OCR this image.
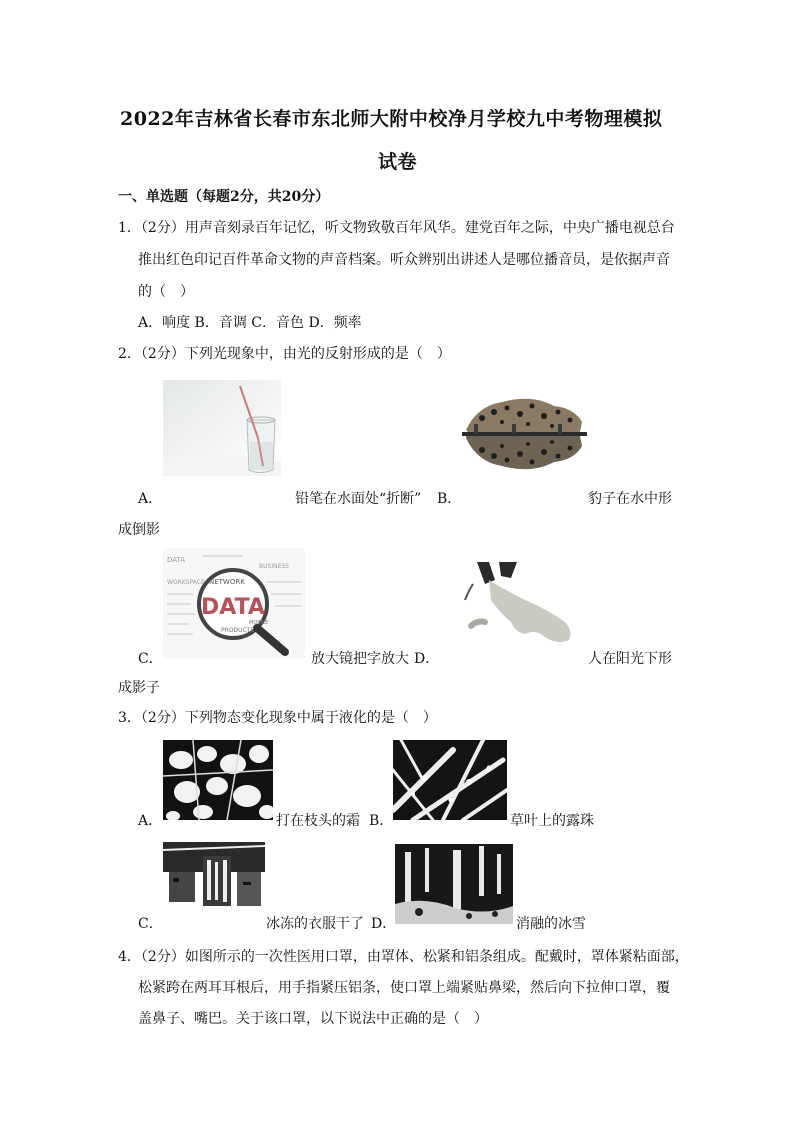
2022年吉林省长春市东北师大附中校净月学校九中考物理模拟
试卷
一、单选题（每题2分，共20分）
1．（2分）用声音刻录百年记忆，听文物致敬百年风华。建党百年之际，中央广播电视总台
推出红色印记百件革命文物的声音档案。听众辨别出讲述人是哪位播音员，是依据声音
的（　）
A．响度 B．音调 C．音色 D．频率
2．（2分）下列光现象中，由光的反射形成的是（　）
A．	铅笔在水面处“折断” B．	豹子在水中形
成倒影
DATA
BUSINESS
WORKSPACE NETWORK
DATA
MOBILE
PRODUCTS
C．	放大镜把字放大 D．	人在阳光下形
成影子
3．（2分）下列物态变化现象中属于液化的是（　）
A．	打在枝头的霜 B．	草叶上的露珠
C．	冰冻的衣服干了 D．	消融的冰雪
4．（2分）如图所示的一次性医用口罩，由罩体、松紧和铝条组成。配戴时，罩体紧粘面部，
松紧跨在两耳耳根后，用手指紧压铝条，使口罩上端紧贴鼻梁，然后向下拉伸口罩，覆
盖鼻子、嘴巴。关于该口罩，以下说法中正确的是（　）
